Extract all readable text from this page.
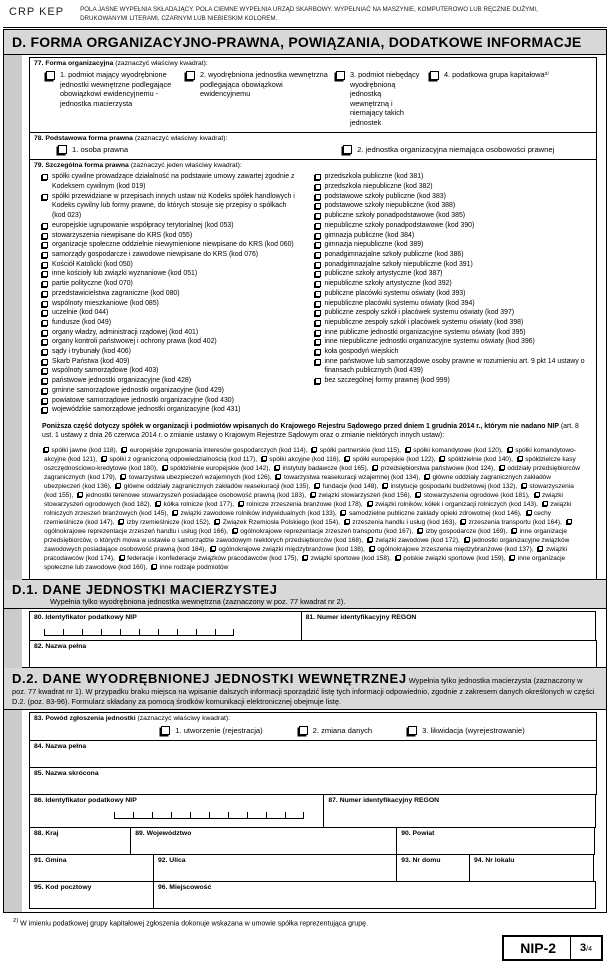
CRP KEP	POLA JASNE WYPEŁNIA SKŁADAJĄCY. POLA CIEMNE WYPEŁNIA URZĄD SKARBOWY. WYPEŁNIAĆ NA MASZYNIE, KOMPUTEROWO LUB RĘCZNIE DUŻYMI, DRUKOWANYMI LITERAMI, CZARNYM LUB NIEBIESKIM KOLOREM.
D. FORMA ORGANIZACYJNO-PRAWNA, POWIĄZANIA, DODATKOWE INFORMACJE
77. Forma organizacyjna (zaznaczyć właściwy kwadrat):
1. podmiot mający wyodrębnione jednostki wewnętrzne podlegające obowiązkowi ewidencyjnemu - jednostka macierzysta
2. wyodrębniona jednostka wewnętrzna podlegająca obowiązkowi ewidencyjnemu
3. podmiot niebędący wyodrębnioną jednostką wewnętrzną i niemający takich jednostek
4. podatkowa grupa kapitałowa²⁾
78. Podstawowa forma prawna (zaznaczyć właściwy kwadrat):
1. osoba prawna	2. jednostka organizacyjna niemająca osobowości prawnej
79. Szczególna forma prawna (zaznaczyć jeden właściwy kwadrat):
spółki cywilne prowadzące działalność na podstawie umowy zawartej zgodnie z Kodeksem cywilnym (kod 019)
spółki przewidziane w przepisach innych ustaw niż Kodeks spółek handlowych i Kodeks cywilny lub formy prawne, do których stosuje się przepisy o spółkach (kod 023)
europejskie ugrupowanie współpracy terytorialnej (kod 053)
stowarzyszenia niewpisane do KRS (kod 055)
organizacje społeczne oddzielnie niewymienione niewpisane do KRS (kod 060)
samorządy gospodarcze i zawodowe niewpisane do KRS (kod 076)
Kościół Katolicki (kod 050)
inne kościoły lub związki wyznaniowe (kod 051)
partie polityczne (kod 070)
przedstawicielstwa zagraniczne (kod 080)
wspólnoty mieszkaniowe (kod 085)
uczelnie (kod 044)
fundusze (kod 049)
organy władzy, administracji rządowej (kod 401)
organy kontroli państwowej i ochrony prawa (kod 402)
sądy i trybunały (kod 406)
Skarb Państwa (kod 409)
wspólnoty samorządowe (kod 403)
państwowe jednostki organizacyjne (kod 428)
gminne samorządowe jednostki organizacyjne (kod 429)
powiatowe samorządowe jednostki organizacyjne (kod 430)
wojewódzkie samorządowe jednostki organizacyjne (kod 431)
przedszkola publiczne (kod 381)
przedszkola niepubliczne (kod 382)
podstawowe szkoły publiczne (kod 383)
podstawowe szkoły niepubliczne (kod 388)
publiczne szkoły ponadpodstawowe (kod 385)
niepubliczne szkoły ponadpodstawowe (kod 390)
gimnazja publiczne (kod 384)
gimnazja niepubliczne (kod 389)
ponadgimnazjalne szkoły publiczne (kod 386)
ponadgimnazjalne szkoły niepubliczne (kod 391)
publiczne szkoły artystyczne (kod 387)
niepubliczne szkoły artystyczne (kod 392)
publiczne placówki systemu oświaty (kod 393)
niepubliczne placówki systemu oświaty (kod 394)
publiczne zespoły szkół i placówek systemu oświaty (kod 397)
niepubliczne zespoły szkół i placówek systemu oświaty (kod 398)
inne publiczne jednostki organizacyjne systemu oświaty (kod 395)
inne niepubliczne jednostki organizacyjne systemu oświaty (kod 396)
koła gospodyń wiejskich
inne państwowe lub samorządowe osoby prawne w rozumieniu art. 9 pkt 14 ustawy o finansach publicznych (kod 439)
bez szczególnej formy prawnej (kod 999)
Poniższa część dotyczy spółek w organizacji i podmiotów wpisanych do Krajowego Rejestru Sądowego przed dniem 1 grudnia 2014 r., którym nie nadano NIP (art. 8 ust. 1 ustawy z dnia 26 czerwca 2014 r. o zmianie ustawy o Krajowym Rejestrze Sądowym oraz o zmianie niektórych innych ustaw):
spółki jawne (kod 118), europejskie zgrupowania interesów gospodarczych (kod 114), spółki partnerskie (kod 115), spółki komandytowe (kod 120), spółki komandytowo-akcyjne (kod 121), spółki z ograniczoną odpowiedzialnością (kod 117), spółki akcyjne (kod 116), spółki europejskie (kod 122), spółdzielnie (kod 140), spółdzielcze kasy oszczędnościowo-kredytowe (kod 180), spółdzielnie europejskie (kod 142), instytuty badawcze (kod 165), przedsiębiorstwa państwowe (kod 124), oddziały przedsiębiorców zagranicznych (kod 179), towarzystwa ubezpieczeń wzajemnych (kod 126), towarzystwa reasekuracji wzajemnej (kod 134), główne oddziały zagranicznych zakładów ubezpieczeń (kod 136), główne oddziały zagranicznych zakładów reasekuracji (kod 135), fundacje (kod 148), instytucje gospodarki budżetowej (kod 132), stowarzyszenia (kod 155), jednostki terenowe stowarzyszeń posiadające osobowość prawną (kod 183), związki stowarzyszeń (kod 156), stowarzyszenia ogrodowe (kod 181), związki stowarzyszeń ogrodowych (kod 182), kółka rolnicze (kod 177), rolnicze zrzeszenia branżowe (kod 178), związki rolników, kółek i organizacji rolniczych (kod 143), związki rolniczych zrzeszeń branżowych (kod 145), związki zawodowe rolników indywidualnych (kod 133), samodzielne publiczne zakłady opieki zdrowotnej (kod 146), cechy rzemieślnicze (kod 147), izby rzemieślnicze (kod 152), Związek Rzemiosła Polskiego (kod 154), zrzeszenia handlu i usług (kod 163), zrzeszenia transportu (kod 164), ogólnokrajowe reprezentacje zrzeszeń handlu i usług (kod 166), ogólnokrajowe reprezentacje zrzeszeń transportu (kod 167), izby gospodarcze (kod 169), inne organizacje przedsiębiorców, o których mowa w ustawie o samorządzie zawodowym niektórych przedsiębiorców (kod 168), związki zawodowe (kod 172), jednostki organizacyjne związków zawodowych posiadające osobowość prawną (kod 184), ogólnokrajowe związki międzybranżowe (kod 138), ogólnokrajowe zrzeszenia międzybranżowe (kod 137), związki pracodawców (kod 174), federacje i konfederacje związków pracodawców (kod 175), związki sportowe (kod 158), polskie związki sportowe (kod 159), inne organizacje społeczne lub zawodowe (kod 160), inne rodzaje podmiotów
D.1. DANE JEDNOSTKI MACIERZYSTEJ
Wypełnia tylko wyodrębniona jednostka wewnętrzna (zaznaczony w poz. 77 kwadrat nr 2).
80. Identyfikator podatkowy NIP	81. Numer identyfikacyjny REGON
82. Nazwa pełna
D.2. DANE WYODRĘBNIONEJ JEDNOSTKI WEWNĘTRZNEJ Wypełnia tylko jednostka macierzysta (zaznaczony w poz. 77 kwadrat nr 1). W przypadku braku miejsca na wpisanie dalszych informacji sporządzić listę tych informacji odpowiednio, zgodnie z zakresem danych określonych w części D.2. (poz. 83-96). Formularz składany za pomocą środków komunikacji elektronicznej obejmuje listę.
83. Powód zgłoszenia jednostki (zaznaczyć właściwy kwadrat):
1. utworzenie (rejestracja)	2. zmiana danych	3. likwidacja (wyrejestrowanie)
84. Nazwa pełna
85. Nazwa skrócona
86. Identyfikator podatkowy NIP	87. Numer identyfikacyjny REGON
88. Kraj	89. Województwo	90. Powiat
91. Gmina	92. Ulica	93. Nr domu	94. Nr lokalu
95. Kod pocztowy	96. Miejscowość
$^{2)}$ W imieniu podatkowej grupy kapitałowej zgłoszenia dokonuje wskazana w umowie spółka reprezentująca grupę.
NIP-2	3/4
